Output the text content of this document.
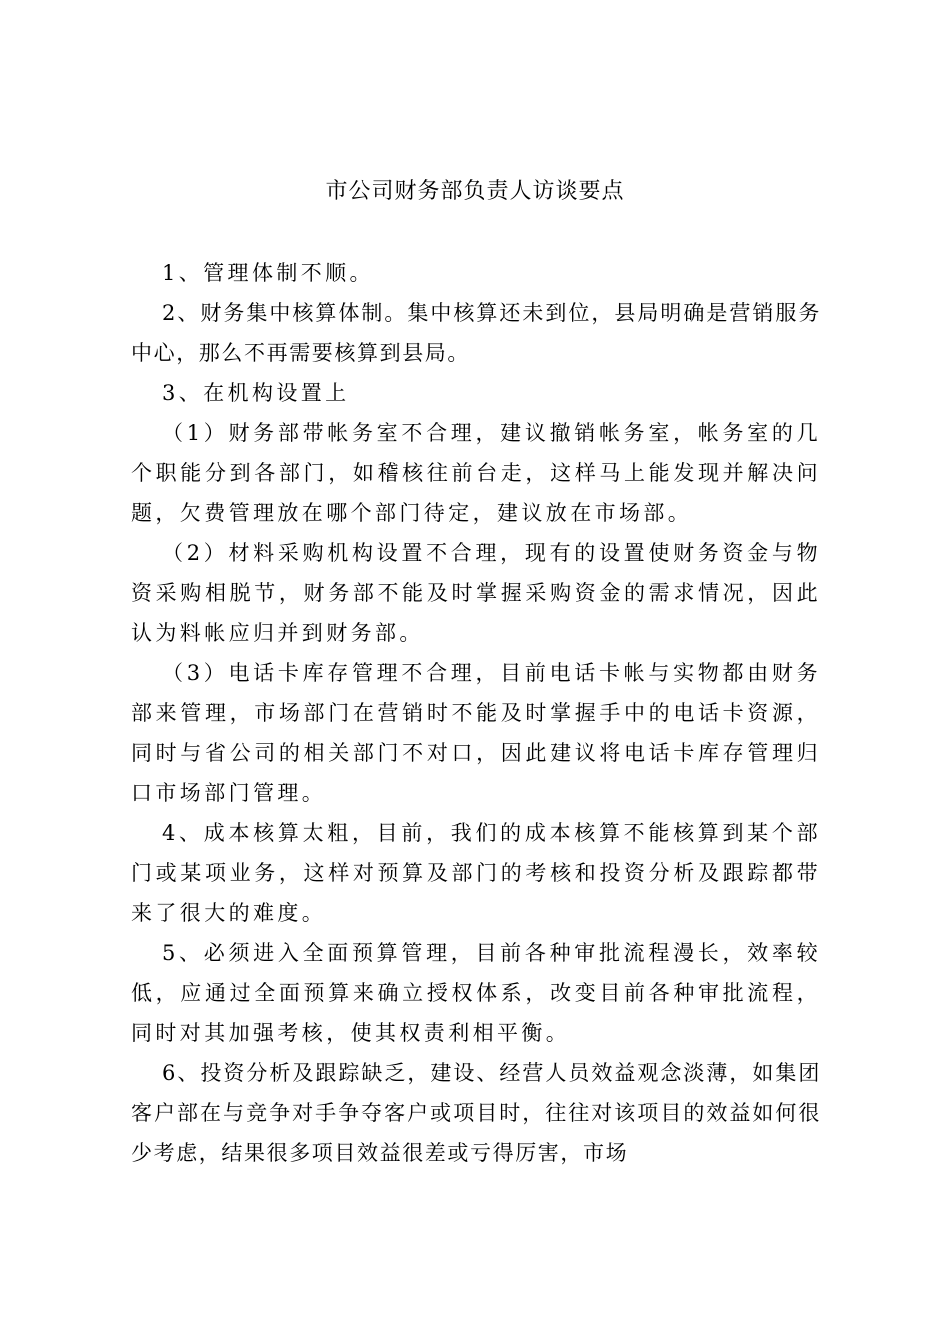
市公司财务部负责人访谈要点

1、管理体制不顺。

2、财务集中核算体制。集中核算还未到位，县局明确是营销服务中心，那么不再需要核算到县局。

3、在机构设置上

（1）财务部带帐务室不合理，建议撤销帐务室，帐务室的几个职能分到各部门，如稽核往前台走，这样马上能发现并解决问题，欠费管理放在哪个部门待定，建议放在市场部。

（2）材料采购机构设置不合理，现有的设置使财务资金与物资采购相脱节，财务部不能及时掌握采购资金的需求情况，因此认为料帐应归并到财务部。

（3）电话卡库存管理不合理，目前电话卡帐与实物都由财务部来管理，市场部门在营销时不能及时掌握手中的电话卡资源，同时与省公司的相关部门不对口，因此建议将电话卡库存管理归口市场部门管理。

4、成本核算太粗，目前，我们的成本核算不能核算到某个部门或某项业务，这样对预算及部门的考核和投资分析及跟踪都带来了很大的难度。

5、必须进入全面预算管理，目前各种审批流程漫长，效率较低，应通过全面预算来确立授权体系，改变目前各种审批流程，同时对其加强考核，使其权责利相平衡。

6、投资分析及跟踪缺乏，建设、经营人员效益观念淡薄，如集团客户部在与竞争对手争夺客户或项目时，往往对该项目的效益如何很少考虑，结果很多项目效益很差或亏得厉害，市场
